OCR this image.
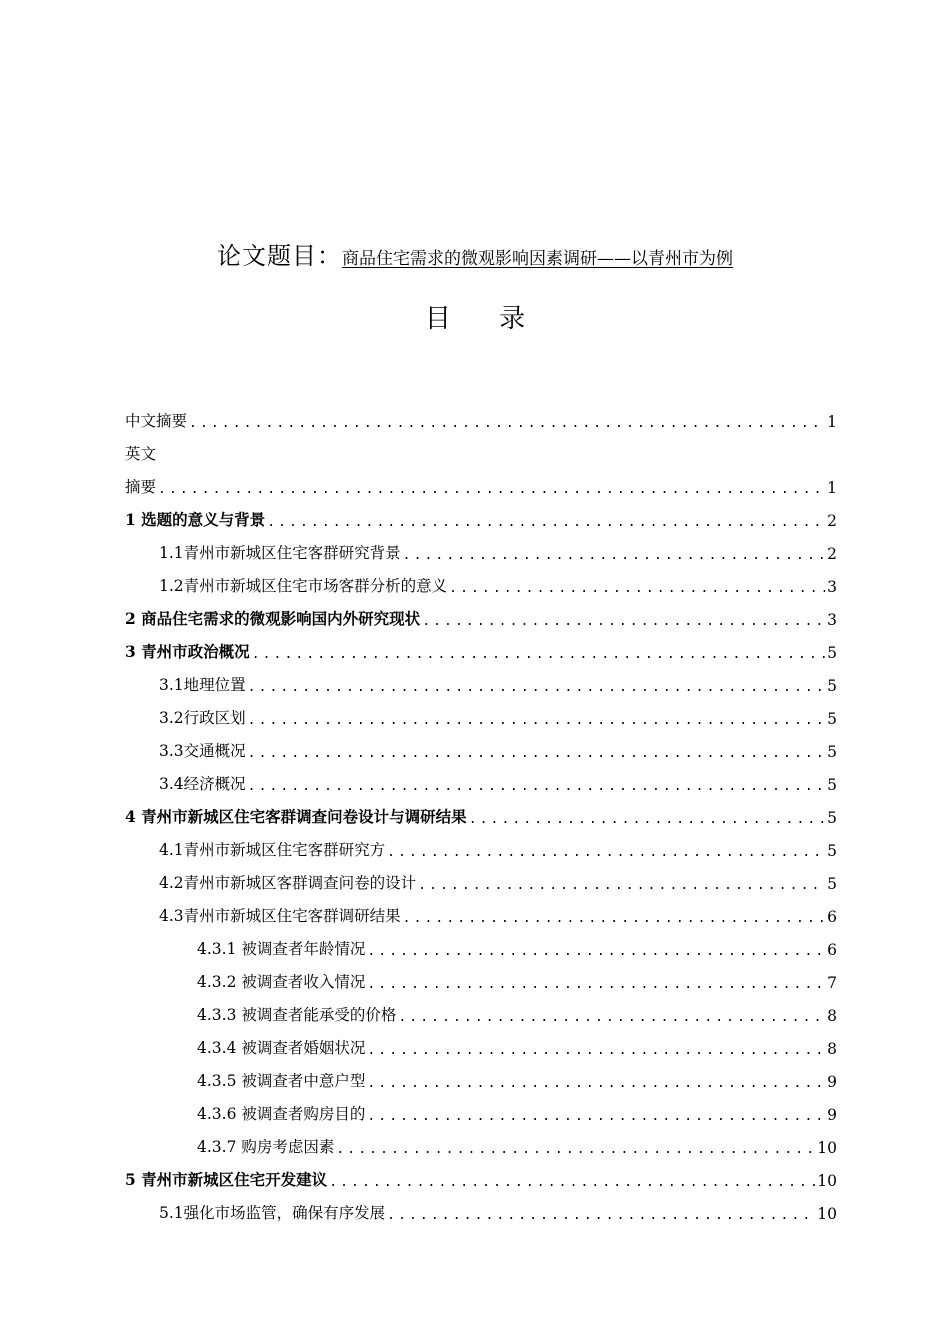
论文题目：商品住宅需求的微观影响因素调研——以青州市为例
目 录
中文摘要 .....	1
英文
摘要 .....	1
1 选题的意义与背景 .....	2
1.1青州市新城区住宅客群研究背景 .....	2
1.2青州市新城区住宅市场客群分析的意义 .....	3
2 商品住宅需求的微观影响国内外研究现状 .....	3
3 青州市政治概况 .....	5
3.1地理位置 .....	5
3.2行政区划 .....	5
3.3交通概况 .....	5
3.4经济概况 .....	5
4 青州市新城区住宅客群调查问卷设计与调研结果 .....	5
4.1青州市新城区住宅客群研究方 .....	5
4.2青州市新城区客群调查问卷的设计 .....	5
4.3青州市新城区住宅客群调研结果 .....	6
4.3.1 被调查者年龄情况 .....	6
4.3.2 被调查者收入情况 .....	7
4.3.3 被调查者能承受的价格 .....	8
4.3.4 被调查者婚姻状况 .....	8
4.3.5 被调查者中意户型 .....	9
4.3.6 被调查者购房目的 .....	9
4.3.7 购房考虑因素 .....	10
5 青州市新城区住宅开发建议 .....	10
5.1强化市场监管，确保有序发展 .....	10
